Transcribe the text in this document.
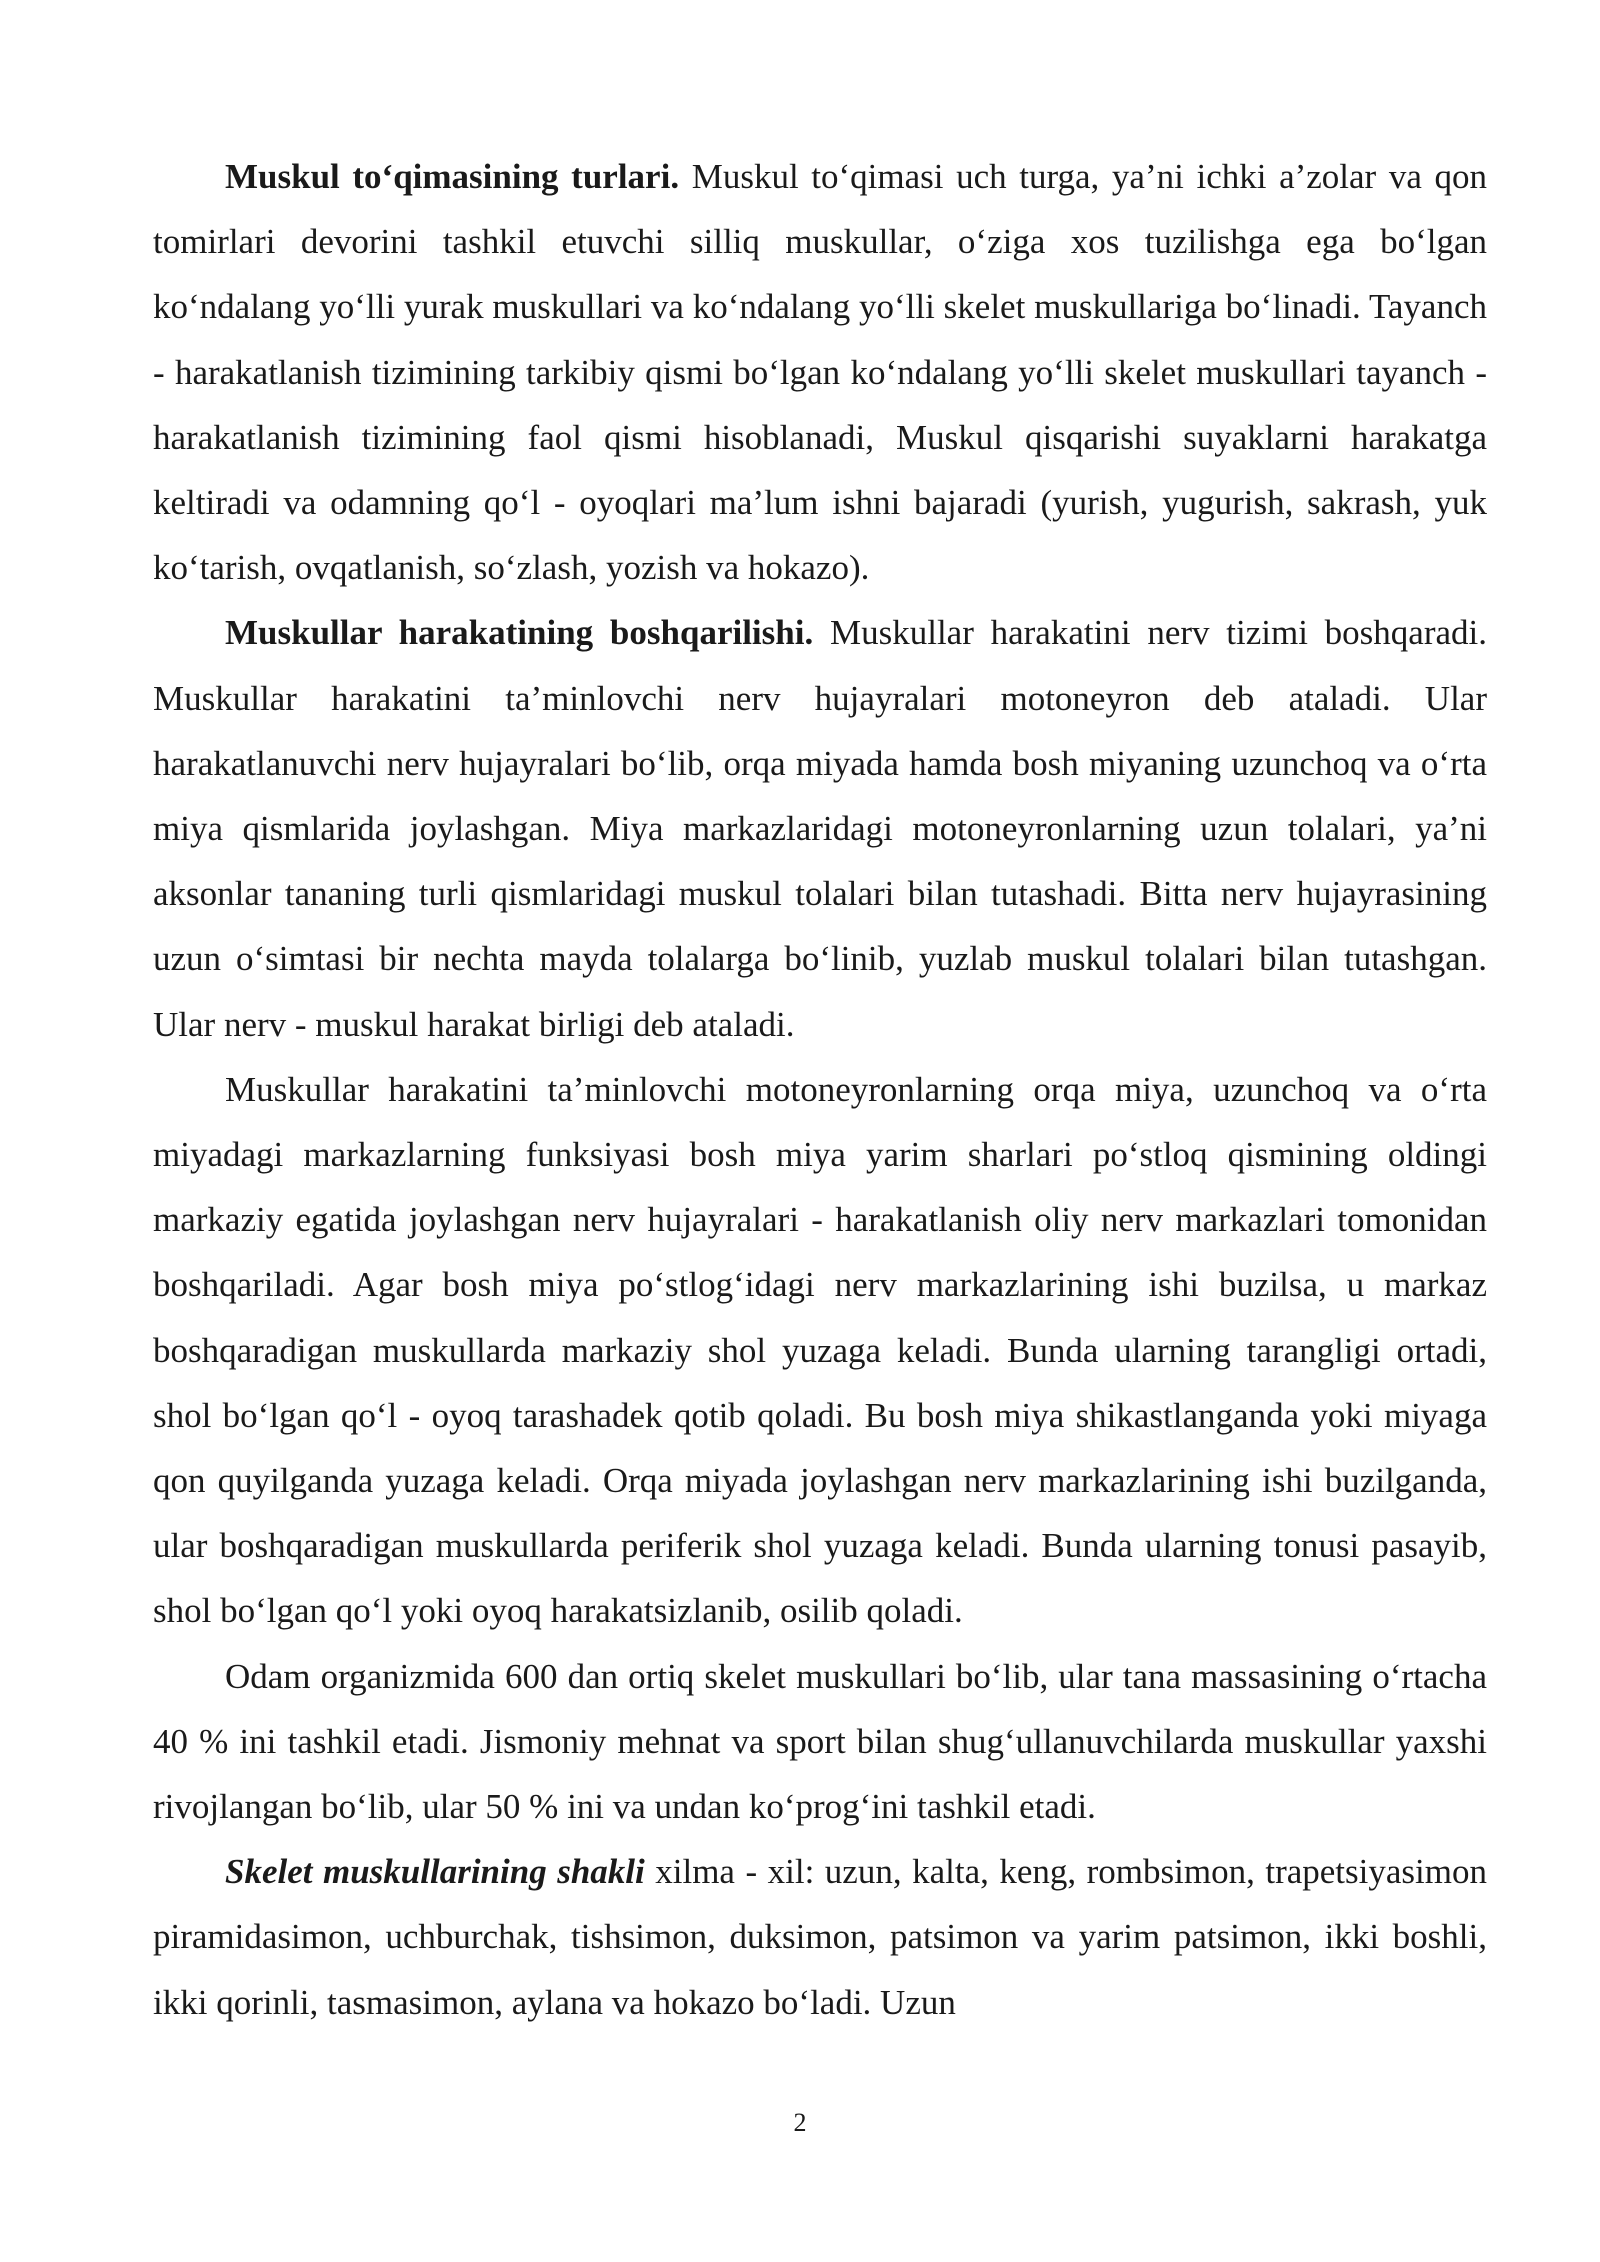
Muskul to‘qimasining turlari. Muskul to‘qimasi uch turga, ya’ni ichki a’zolar va qon tomirlari devorini tashkil etuvchi silliq muskullar, o‘ziga xos tuzilishga ega bo‘lgan ko‘ndalang yo‘lli yurak muskullari va ko‘ndalang yo‘lli skelet muskullariga bo‘linadi. Tayanch - harakatlanish tizimining tarkibiy qismi bo‘lgan ko‘ndalang yo‘lli skelet muskullari tayanch - harakatlanish tizimining faol qismi hisoblanadi, Muskul qisqarishi suyaklarni harakatga keltiradi va odamning qo‘l - oyoqlari ma’lum ishni bajaradi (yurish, yugurish, sakrash, yuk ko‘tarish, ovqatlanish, so‘zlash, yozish va hokazo).

Muskullar harakatining boshqarilishi. Muskullar harakatini nerv tizimi boshqaradi. Muskullar harakatini ta’minlovchi nerv hujayralari motoneyron deb ataladi. Ular harakatlanuvchi nerv hujayralari bo‘lib, orqa miyada hamda bosh miyaning uzunchoq va o‘rta miya qismlarida joylashgan. Miya markazlaridagi motoneyronlarning uzun tolalari, ya’ni aksonlar tananing turli qismlaridagi muskul tolalari bilan tutashadi. Bitta nerv hujayrasining uzun o‘simtasi bir nechta mayda tolalarga bo‘linib, yuzlab muskul tolalari bilan tutashgan. Ular nerv - muskul harakat birligi deb ataladi.

Muskullar harakatini ta’minlovchi motoneyronlarning orqa miya, uzunchoq va o‘rta miyadagi markazlarning funksiyasi bosh miya yarim sharlari po‘stloq qismining oldingi markaziy egatida joylashgan nerv hujayralari - harakatlanish oliy nerv markazlari tomonidan boshqariladi. Agar bosh miya po‘stlog‘idagi nerv markazlarining ishi buzilsa, u markaz boshqaradigan muskullarda markaziy shol yuzaga keladi. Bunda ularning tarangligi ortadi, shol bo‘lgan qo‘l - oyoq tarashadek qotib qoladi. Bu bosh miya shikastlanganda yoki miyaga qon quyilganda yuzaga keladi. Orqa miyada joylashgan nerv markazlarining ishi buzilganda, ular boshqaradigan muskullarda periferik shol yuzaga keladi. Bunda ularning tonusi pasayib, shol bo‘lgan qo‘l yoki oyoq harakatsizlanib, osilib qoladi.

Odam organizmida 600 dan ortiq skelet muskullari bo‘lib, ular tana massasining o‘rtacha 40 % ini tashkil etadi. Jismoniy mehnat va sport bilan shug‘ullanuvchilarda muskullar yaxshi rivojlangan bo‘lib, ular 50 % ini va undan ko‘prog‘ini tashkil etadi.

Skelet muskullarining shakli xilma - xil: uzun, kalta, keng, rombsimon, trapetsiyasimon piramidasimon, uchburchak, tishsimon, duksimon, patsimon va yarim patsimon, ikki boshli, ikki qorinli, tasmasimon, aylana va hokazo bo‘ladi. Uzun

2
